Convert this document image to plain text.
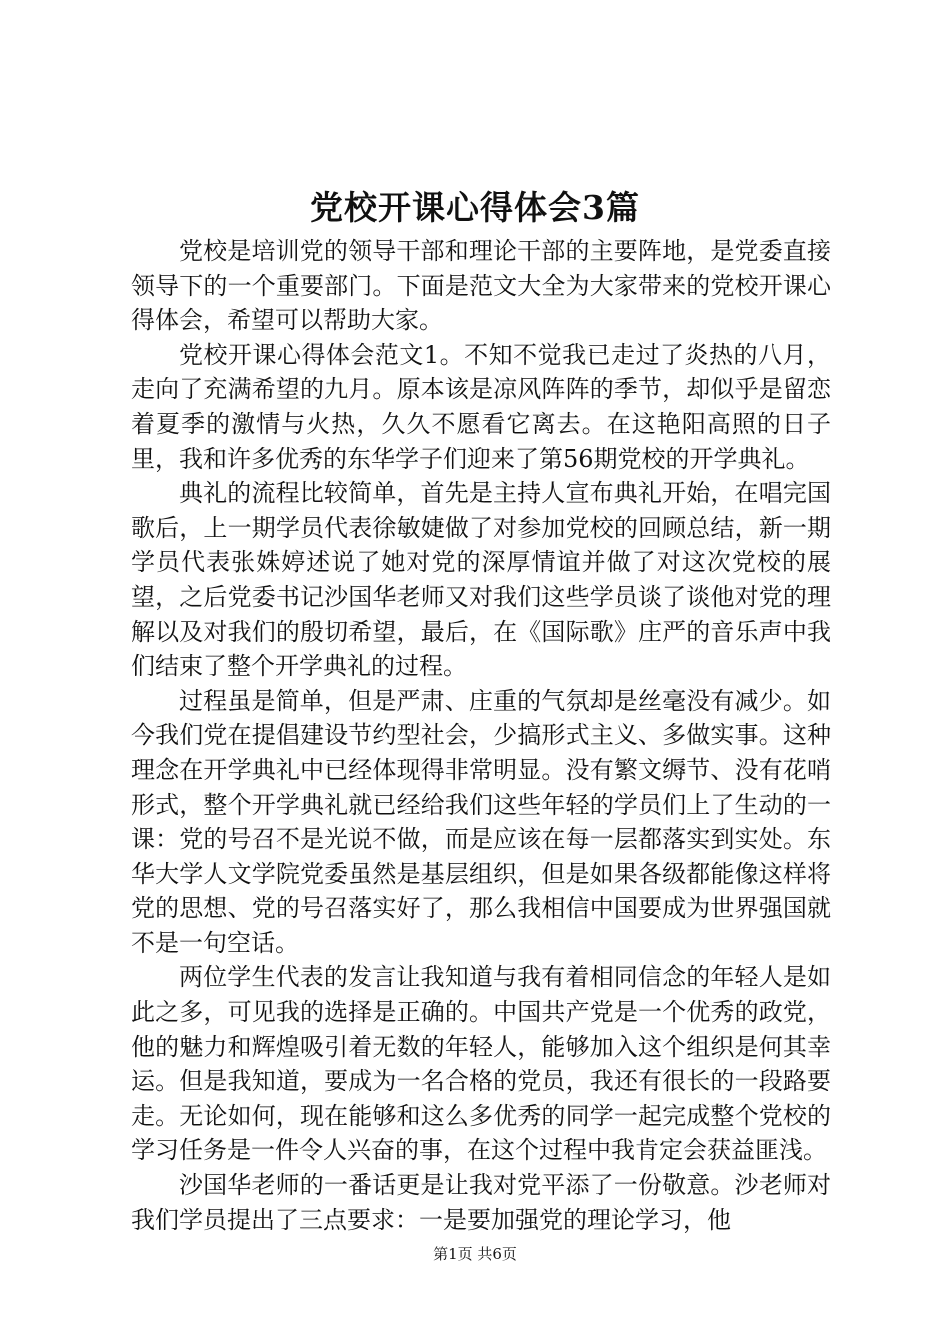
党校开课心得体会3篇

党校是培训党的领导干部和理论干部的主要阵地，是党委直接领导下的一个重要部门。下面是范文大全为大家带来的党校开课心得体会，希望可以帮助大家。

党校开课心得体会范文1。不知不觉我已走过了炎热的八月，走向了充满希望的九月。原本该是凉风阵阵的季节，却似乎是留恋着夏季的激情与火热，久久不愿看它离去。在这艳阳高照的日子里，我和许多优秀的东华学子们迎来了第56期党校的开学典礼。

典礼的流程比较简单，首先是主持人宣布典礼开始，在唱完国歌后，上一期学员代表徐敏婕做了对参加党校的回顾总结，新一期学员代表张姝婷述说了她对党的深厚情谊并做了对这次党校的展望，之后党委书记沙国华老师又对我们这些学员谈了谈他对党的理解以及对我们的殷切希望，最后，在《国际歌》庄严的音乐声中我们结束了整个开学典礼的过程。

过程虽是简单，但是严肃、庄重的气氛却是丝毫没有减少。如今我们党在提倡建设节约型社会，少搞形式主义、多做实事。这种理念在开学典礼中已经体现得非常明显。没有繁文缛节、没有花哨形式，整个开学典礼就已经给我们这些年轻的学员们上了生动的一课：党的号召不是光说不做，而是应该在每一层都落实到实处。东华大学人文学院党委虽然是基层组织，但是如果各级都能像这样将党的思想、党的号召落实好了，那么我相信中国要成为世界强国就不是一句空话。

两位学生代表的发言让我知道与我有着相同信念的年轻人是如此之多，可见我的选择是正确的。中国共产党是一个优秀的政党，他的魅力和辉煌吸引着无数的年轻人，能够加入这个组织是何其幸运。但是我知道，要成为一名合格的党员，我还有很长的一段路要走。无论如何，现在能够和这么多优秀的同学一起完成整个党校的学习任务是一件令人兴奋的事，在这个过程中我肯定会获益匪浅。

沙国华老师的一番话更是让我对党平添了一份敬意。沙老师对我们学员提出了三点要求：一是要加强党的理论学习，他

第1页 共6页
